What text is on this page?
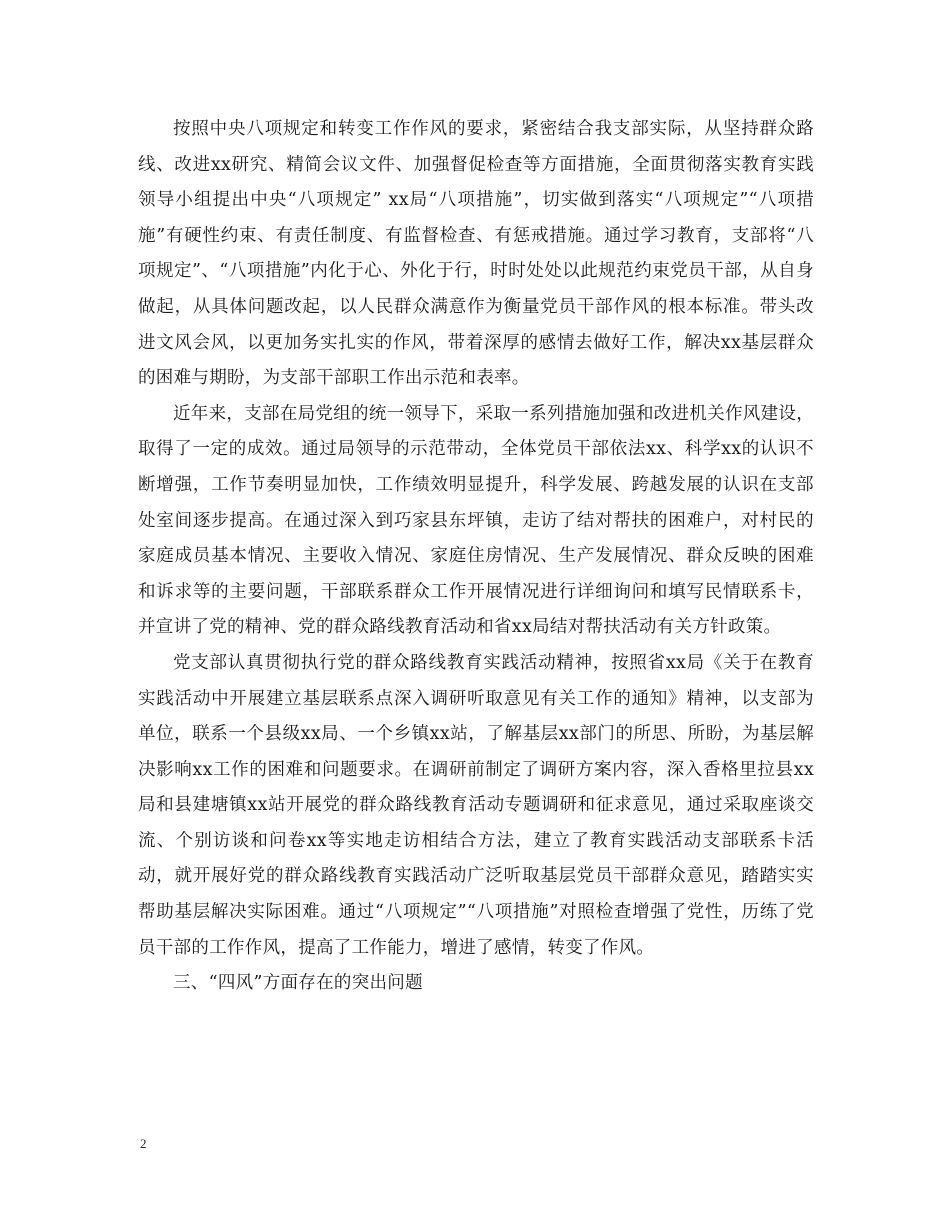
按照中央八项规定和转变工作作风的要求，紧密结合我支部实际，从坚持群众路线、改进xx研究、精简会议文件、加强督促检查等方面措施，全面贯彻落实教育实践领导小组提出中央“八项规定” xx局“八项措施”，切实做到落实“八项规定”“八项措施”有硬性约束、有责任制度、有监督检查、有惩戒措施。通过学习教育，支部将“八项规定”、“八项措施”内化于心、外化于行，时时处处以此规范约束党员干部，从自身做起，从具体问题改起，以人民群众满意作为衡量党员干部作风的根本标准。带头改进文风会风，以更加务实扎实的作风，带着深厚的感情去做好工作，解决xx基层群众的困难与期盼，为支部干部职工作出示范和表率。

近年来，支部在局党组的统一领导下，采取一系列措施加强和改进机关作风建设，取得了一定的成效。通过局领导的示范带动，全体党员干部依法xx、科学xx的认识不断增强，工作节奏明显加快，工作绩效明显提升，科学发展、跨越发展的认识在支部处室间逐步提高。在通过深入到巧家县东坪镇，走访了结对帮扶的困难户，对村民的家庭成员基本情况、主要收入情况、家庭住房情况、生产发展情况、群众反映的困难和诉求等的主要问题，干部联系群众工作开展情况进行详细询问和填写民情联系卡，并宣讲了党的精神、党的群众路线教育活动和省xx局结对帮扶活动有关方针政策。

党支部认真贯彻执行党的群众路线教育实践活动精神，按照省xx局《关于在教育实践活动中开展建立基层联系点深入调研听取意见有关工作的通知》精神，以支部为单位，联系一个县级xx局、一个乡镇xx站，了解基层xx部门的所思、所盼，为基层解决影响xx工作的困难和问题要求。在调研前制定了调研方案内容，深入香格里拉县xx局和县建塘镇xx站开展党的群众路线教育活动专题调研和征求意见，通过采取座谈交流、个别访谈和问卷xx等实地走访相结合方法，建立了教育实践活动支部联系卡活动，就开展好党的群众路线教育实践活动广泛听取基层党员干部群众意见，踏踏实实帮助基层解决实际困难。通过“八项规定”“八项措施”对照检查增强了党性，历练了党员干部的工作作风，提高了工作能力，增进了感情，转变了作风。

三、“四风”方面存在的突出问题

2
